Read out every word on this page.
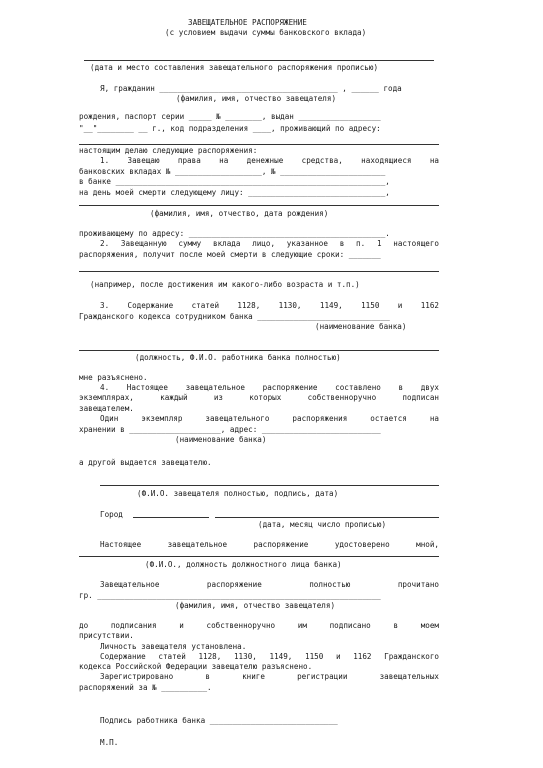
ЗАВЕЩАТЕЛЬНОЕ РАСПОРЯЖЕНИЕ
(с условием выдачи суммы банковского вклада)
(дата и место составления завещательного распоряжения прописью)
Я, гражданин _______________________________________ , ______ года
(фамилия, имя, отчество завещателя)
рождения, паспорт серии _____ № ________, выдан __________________
"__"________ __ г., код подразделения ____, проживающий по адресу:
настоящим делаю следующие распоряжения:
1. Завещаю права на денежные средства, находящиеся на
банковских вкладах № ___________________, № _______________________
в банке ___________________________________________________________,
на день моей смерти следующему лицу: ______________________________,
(фамилия, имя, отчество, дата рождения)
проживающему по адресу: ___________________________________________.
2. Завещанную сумму вклада лицо, указанное в п. 1 настоящего
распоряжения, получит после моей смерти в следующие сроки: _______
(например, после достижения им какого-либо возраста и т.п.)
3. Содержание статей 1128, 1130, 1149, 1150 и 1162
Гражданского кодекса сотрудником банка _____________________________
(наименование банка)
(должность, Ф.И.О. работника банка полностью)
мне разъяснено.
4. Настоящее завещательное распоряжение составлено в двух
экземплярах, каждый из которых собственноручно подписан
завещателем.
Один экземпляр завещательного распоряжения остается на
хранении в ____________________, адрес: __________________________
(наименование банка)
а другой выдается завещателю.
(Ф.И.О. завещателя полностью, подпись, дата)
Город
(дата, месяц число прописью)
Настоящее завещательное распоряжение удостоверено мной,
(Ф.И.О., должность должностного лица банка)
Завещательное распоряжение полностью прочитано
гр. ______________________________________________________________
(фамилия, имя, отчество завещателя)
до подписания и собственноручно им подписано в моем
присутствии.
Личность завещателя установлена.
Содержание статей 1128, 1130, 1149, 1150 и 1162 Гражданского
кодекса Российской Федерации завещателю разъяснено.
Зарегистрировано в книге регистрации завещательных
распоряжений за № __________.
Подпись работника банка ____________________________
М.П.
